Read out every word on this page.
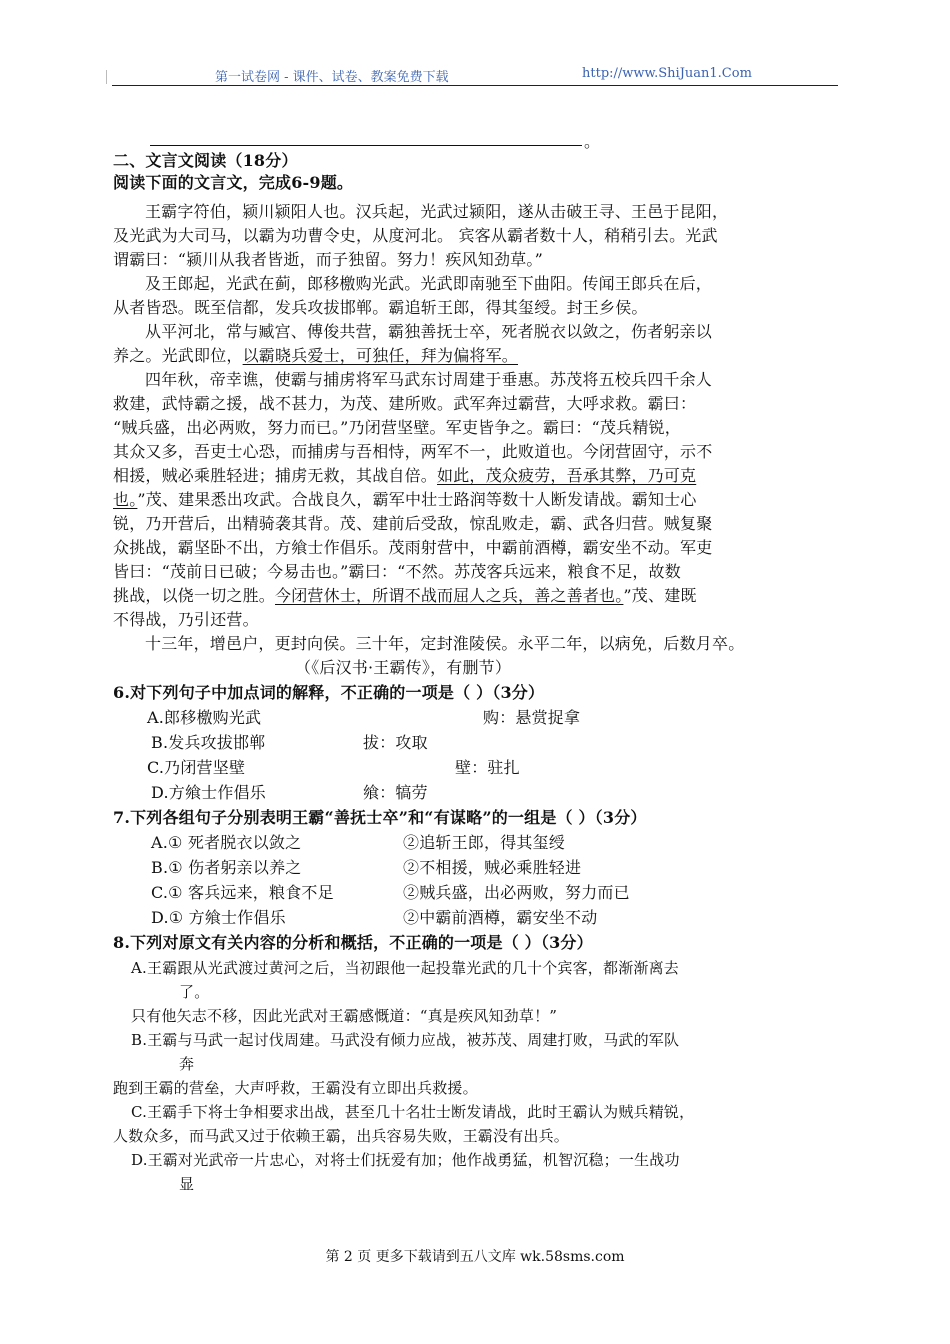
第一试卷网 - 课件、试卷、教案免费下载	http://www.ShiJuan1.Com
。
二、文言文阅读（18分）
阅读下面的文言文，完成6-9题。
王霸字符伯，颍川颍阳人也。汉兵起，光武过颍阳，遂从击破王寻、王邑于昆阳，
及光武为大司马，以霸为功曹令史，从度河北。 宾客从霸者数十人，稍稍引去。光武
谓霸曰：“颍川从我者皆逝，而子独留。努力！疾风知劲草。”
及王郎起，光武在蓟，郎移檄购光武。光武即南驰至下曲阳。传闻王郎兵在后，
从者皆恐。既至信都，发兵攻拔邯郸。霸追斩王郎，得其玺绶。封王乡侯。
从平河北，常与臧宫、傅俊共营，霸独善抚士卒，死者脱衣以敛之，伤者躬亲以
养之。光武即位，以霸晓兵爱士，可独任，拜为偏将军。
四年秋，帝幸谯，使霸与捕虏将军马武东讨周建于垂惠。苏茂将五校兵四千余人
救建，武恃霸之援，战不甚力，为茂、建所败。武军奔过霸营，大呼求救。霸曰：
“贼兵盛，出必两败，努力而已。”乃闭营坚壁。军吏皆争之。霸曰：“茂兵精锐，
其众又多，吾吏士心恐，而捕虏与吾相恃，两军不一，此败道也。今闭营固守，示不
相援，贼必乘胜轻进；捕虏无救，其战自倍。如此，茂众疲劳，吾承其弊，乃可克
也。”茂、建果悉出攻武。合战良久，霸军中壮士路润等数十人断发请战。霸知士心
锐，乃开营后，出精骑袭其背。茂、建前后受敌，惊乱败走，霸、武各归营。贼复聚
众挑战，霸坚卧不出，方飨士作倡乐。茂雨射营中，中霸前酒樽，霸安坐不动。军吏
皆曰：“茂前日已破；今易击也。”霸曰：“不然。苏茂客兵远来，粮食不足，故数
挑战，以侥一切之胜。今闭营休士，所谓不战而屈人之兵，善之善者也。”茂、建既
不得战，乃引还营。
十三年，增邑户，更封向侯。三十年，定封淮陵侯。永平二年，以病免，后数月卒。
（《后汉书·王霸传》，有删节）
6.对下列句子中加点词的解释，不正确的一项是（ ）（3分）
A.郎移檄购光武	购：悬赏捉拿
B.发兵攻拔邯郸	拔：攻取
C.乃闭营坚壁	壁：驻扎
D.方飨士作倡乐	飨：犒劳
7.下列各组句子分别表明王霸“善抚士卒”和“有谋略”的一组是（ ）（3分）
A.① 死者脱衣以敛之	②追斩王郎，得其玺绶
B.① 伤者躬亲以养之	②不相援，贼必乘胜轻进
C.① 客兵远来，粮食不足	②贼兵盛，出必两败，努力而已
D.① 方飨士作倡乐	②中霸前酒樽，霸安坐不动
8.下列对原文有关内容的分析和概括，不正确的一项是（ ）（3分）
A.王霸跟从光武渡过黄河之后，当初跟他一起投靠光武的几十个宾客，都渐渐离去
了。
只有他矢志不移，因此光武对王霸感慨道：“真是疾风知劲草！”
B.王霸与马武一起讨伐周建。马武没有倾力应战，被苏茂、周建打败，马武的军队
奔
跑到王霸的营垒，大声呼救，王霸没有立即出兵救援。
C.王霸手下将士争相要求出战，甚至几十名壮士断发请战，此时王霸认为贼兵精锐，
人数众多，而马武又过于依赖王霸，出兵容易失败，王霸没有出兵。
D.王霸对光武帝一片忠心，对将士们抚爱有加；他作战勇猛，机智沉稳；一生战功
显
第 2 页 更多下载请到五八文库 wk.58sms.com
